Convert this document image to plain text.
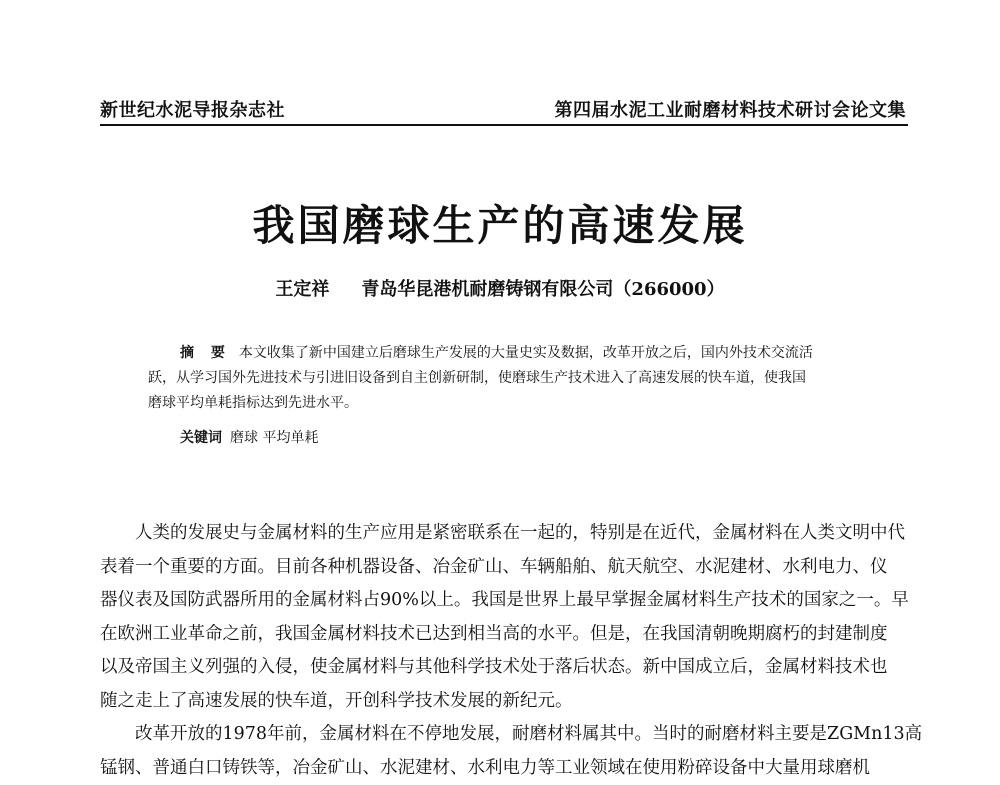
新世纪水泥导报杂志社	第四届水泥工业耐磨材料技术研讨会论文集
我国磨球生产的高速发展
王定祥 青岛华昆港机耐磨铸钢有限公司（266000）
摘 要 本文收集了新中国建立后磨球生产发展的大量史实及数据，改革开放之后，国内外技术交流活
跃，从学习国外先进技术与引进旧设备到自主创新研制，使磨球生产技术进入了高速发展的快车道，使我国
磨球平均单耗指标达到先进水平。
关键词 磨球 平均单耗
人类的发展史与金属材料的生产应用是紧密联系在一起的，特别是在近代，金属材料在人类文明中代
表着一个重要的方面。目前各种机器设备、冶金矿山、车辆船舶、航天航空、水泥建材、水利电力、仪
器仪表及国防武器所用的金属材料占90%以上。我国是世界上最早掌握金属材料生产技术的国家之一。早
在欧洲工业革命之前，我国金属材料技术已达到相当高的水平。但是，在我国清朝晚期腐朽的封建制度
以及帝国主义列强的入侵，使金属材料与其他科学技术处于落后状态。新中国成立后，金属材料技术也
随之走上了高速发展的快车道，开创科学技术发展的新纪元。
改革开放的1978年前，金属材料在不停地发展，耐磨材料属其中。当时的耐磨材料主要是ZGMn13高
锰钢、普通白口铸铁等，冶金矿山、水泥建材、水利电力等工业领域在使用粉碎设备中大量用球磨机
